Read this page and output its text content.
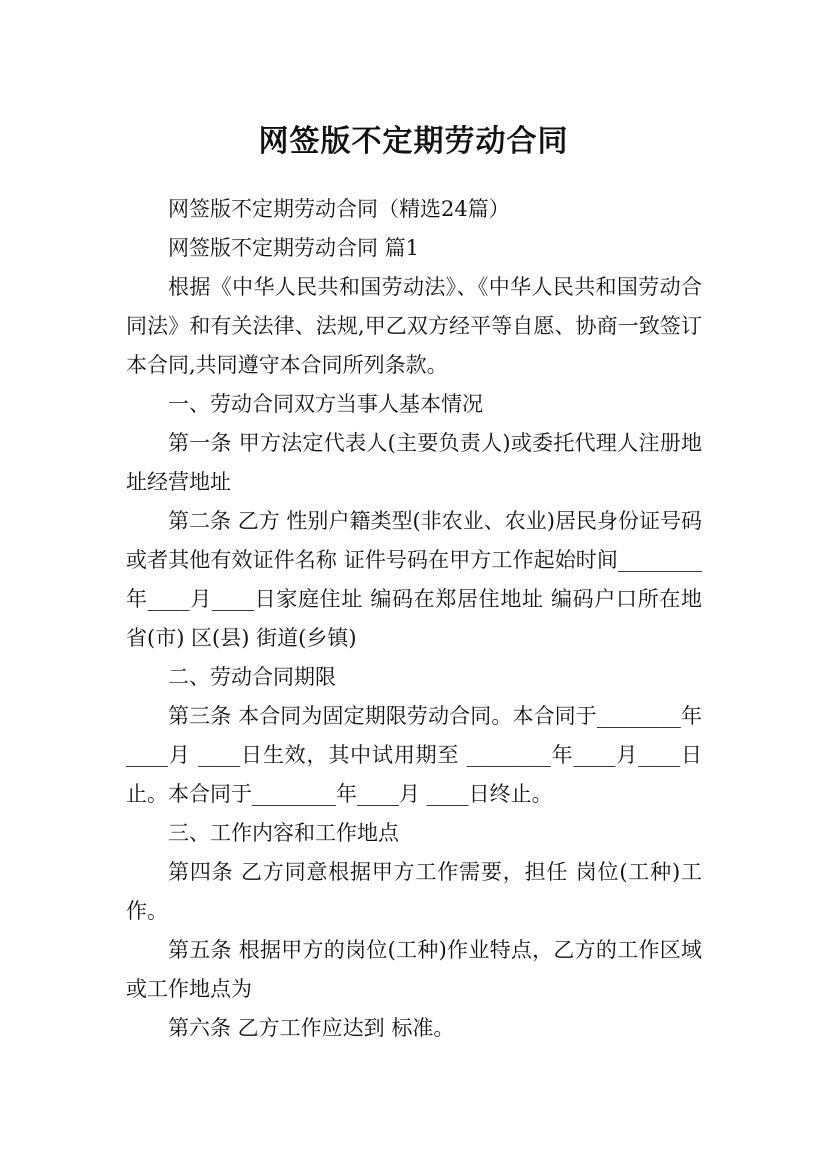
网签版不定期劳动合同

网签版不定期劳动合同（精选24篇）

网签版不定期劳动合同 篇1

根据《中华人民共和国劳动法》、《中华人民共和国劳动合同法》和有关法律、法规,甲乙双方经平等自愿、协商一致签订本合同,共同遵守本合同所列条款。

一、劳动合同双方当事人基本情况

第一条 甲方法定代表人(主要负责人)或委托代理人注册地址经营地址

第二条 乙方 性别户籍类型(非农业、农业)居民身份证号码或者其他有效证件名称 证件号码在甲方工作起始时间________年____月____日家庭住址 编码在郑居住地址 编码户口所在地 省(市) 区(县) 街道(乡镇)

二、劳动合同期限

第三条 本合同为固定期限劳动合同。本合同于________年____月 ____日生效，其中试用期至 ________年____月____日止。本合同于________年____月 ____日终止。

三、工作内容和工作地点

第四条 乙方同意根据甲方工作需要，担任 岗位(工种)工作。

第五条 根据甲方的岗位(工种)作业特点，乙方的工作区域或工作地点为

第六条 乙方工作应达到 标准。
